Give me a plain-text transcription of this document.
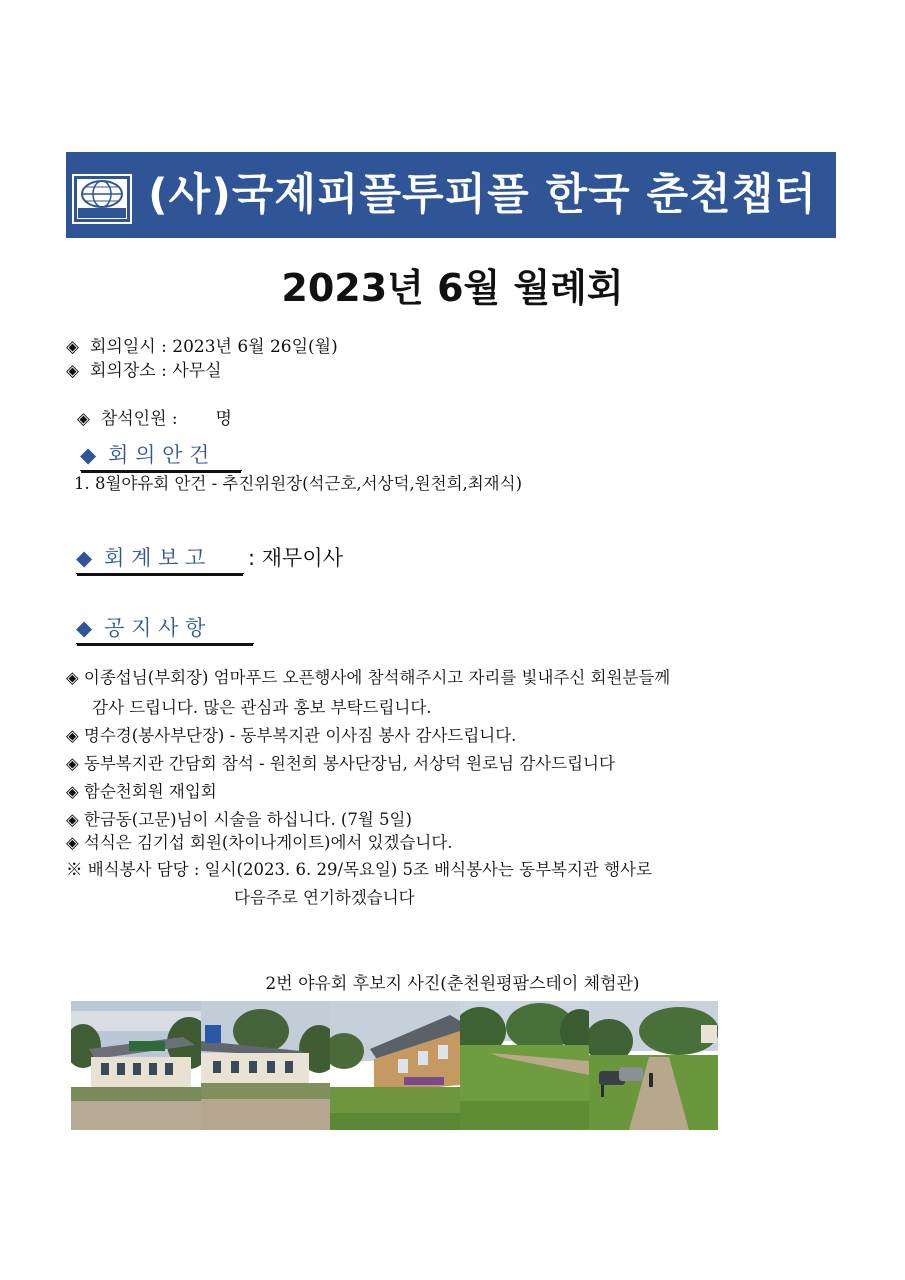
(사)국제피플투피플 한국 춘천챕터
2023년 6월 월례회
◈ 회의일시 : 2023년 6월 26일(월)
◈ 회의장소 : 사무실

◈ 참석인원 :       명

◆ 회 의 안 건
1. 8월야유회 안건 - 추진위원장(석근호,서상덕,원천희,최재식)
◆ 회 계 보 고	: 재무이사
◆ 공 지 사 항
◈ 이종섭님(부회장) 엄마푸드 오픈행사에 참석해주시고 자리를 빛내주신 회원분들께
감사 드립니다. 많은 관심과 홍보 부탁드립니다.
◈ 명수경(봉사부단장) - 동부복지관 이사짐 봉사 감사드립니다.
◈ 동부복지관 간담회 참석 - 원천희 봉사단장님, 서상덕 원로님 감사드립니다
◈ 함순천회원 재입회
◈ 한금동(고문)님이 시술을 하십니다. (7월 5일)
◈ 석식은 김기섭 회원(차이나게이트)에서 있겠습니다.
※ 배식봉사 담당 : 일시(2023. 6. 29/목요일) 5조 배식봉사는 동부복지관 행사로
다음주로 연기하겠습니다
2번 야유회 후보지 사진(춘천원평팜스테이 체험관)
